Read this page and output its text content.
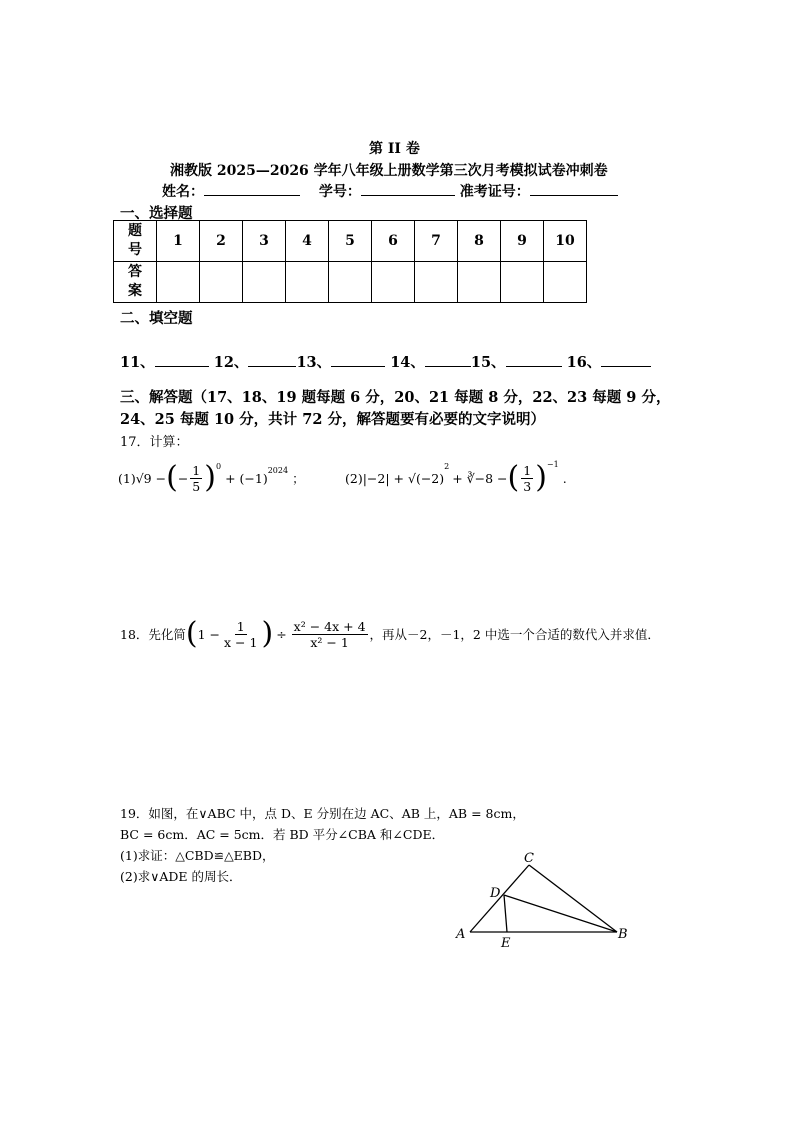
第 II 卷
湘教版 2025—2026 学年八年级上册数学第三次月考模拟试卷冲刺卷
姓名：	学号：	准考证号：
一、选择题
题号	1	2	3	4	5	6	7	8	9	10
答案										
二、填空题
11、	12、	13、	14、	15、	16、
三、解答题（17、18、19 题每题 6 分，20、21 每题 8 分，22、23 每题 9 分，
24、25 每题 10 分，共计 72 分，解答题要有必要的文字说明）
17．计算：
(1) √9 − ( − $\frac{1}{5} )^0$
+ $(-1)^{2024}$
；	(2) |−2| + √(−2)
$^2$
+ ∛−8 − ( $\frac{1}{3} )^{-1}$
.
18．先化简 ( $1 - \frac{1}{x - 1}$ ) ÷ $\frac{\text{x² − 4x + 4}}{\text{x² − 1}}$ ，再从－2，－1，2 中选一个合适的数代入并求值．
19．如图，在∨ABC 中，点 D、E 分别在边 AC、AB 上，AB = 8cm，
BC = 6cm．AC = 5cm．若 BD 平分∠CBA 和∠CDE．
(1)求证：△CBD≌△EBD，
(2)求∨ADE 的周长．
A	B
C
D
E
